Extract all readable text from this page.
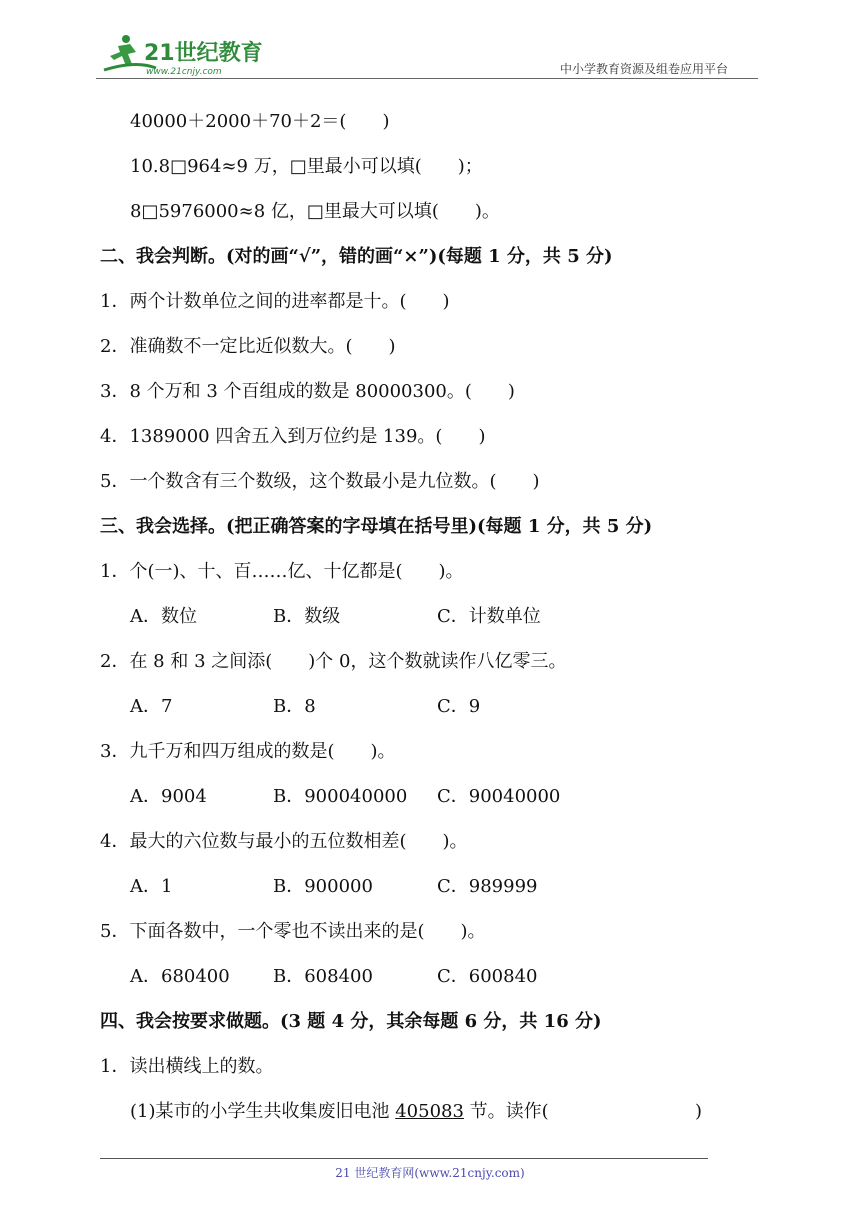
21世纪教育
www.21cnjy.com	中小学教育资源及组卷应用平台
40000＋2000＋70＋2＝(　　)
10.8□964≈9 万，□里最小可以填(　　)；
8□5976000≈8 亿，□里最大可以填(　　)。
二、我会判断。(对的画“√”，错的画“×”)(每题 1 分，共 5 分)
1．两个计数单位之间的进率都是十。(　　)
2．准确数不一定比近似数大。(　　)
3．8 个万和 3 个百组成的数是 80000300。(　　)
4．1389000 四舍五入到万位约是 139。(　　)
5．一个数含有三个数级，这个数最小是九位数。(　　)
三、我会选择。(把正确答案的字母填在括号里)(每题 1 分，共 5 分)
1．个(一)、十、百……亿、十亿都是(　　)。
A．数位	B．数级	C．计数单位
2．在 8 和 3 之间添(　　)个 0，这个数就读作八亿零三。
A．7	B．8	C．9
3．九千万和四万组成的数是(　　)。
A．9004	B．900040000 C．90040000
4．最大的六位数与最小的五位数相差(　　)。
A．1	B．900000	C．989999
5．下面各数中，一个零也不读出来的是(　　)。
A．680400 B．608400	C．600840
四、我会按要求做题。(3 题 4 分，其余每题 6 分，共 16 分)
1．读出横线上的数。
(1)某市的小学生共收集废旧电池 405083 节。读作(	)
21 世纪教育网(www.21cnjy.com)
